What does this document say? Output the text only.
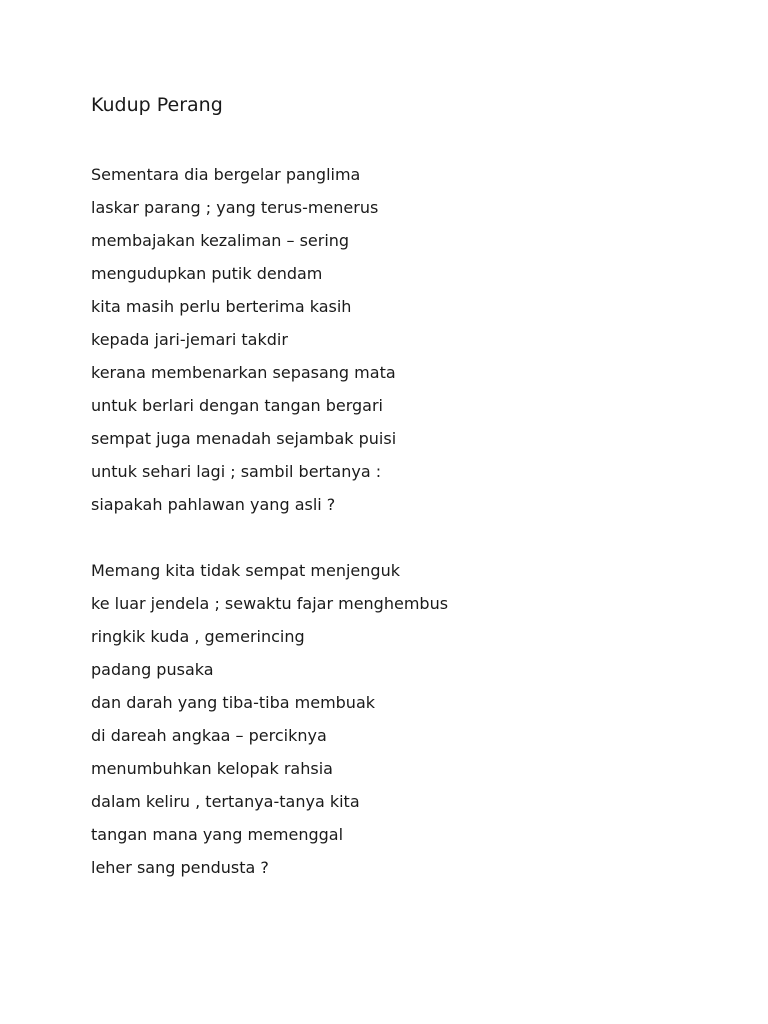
Kudup Perang
Sementara dia bergelar panglima
laskar parang ; yang terus-menerus
membajakan kezaliman – sering
mengudupkan putik dendam
kita masih perlu berterima kasih
kepada jari-jemari takdir
kerana membenarkan sepasang mata
untuk berlari dengan tangan bergari
sempat juga menadah sejambak puisi
untuk sehari lagi ; sambil bertanya :
siapakah pahlawan yang asli ?
Memang kita tidak sempat menjenguk
ke luar jendela ; sewaktu fajar menghembus
ringkik kuda , gemerincing
padang pusaka
dan darah yang tiba-tiba membuak
di dareah angkaa – perciknya
menumbuhkan kelopak rahsia
dalam keliru , tertanya-tanya kita
tangan mana yang memenggal
leher sang pendusta ?
